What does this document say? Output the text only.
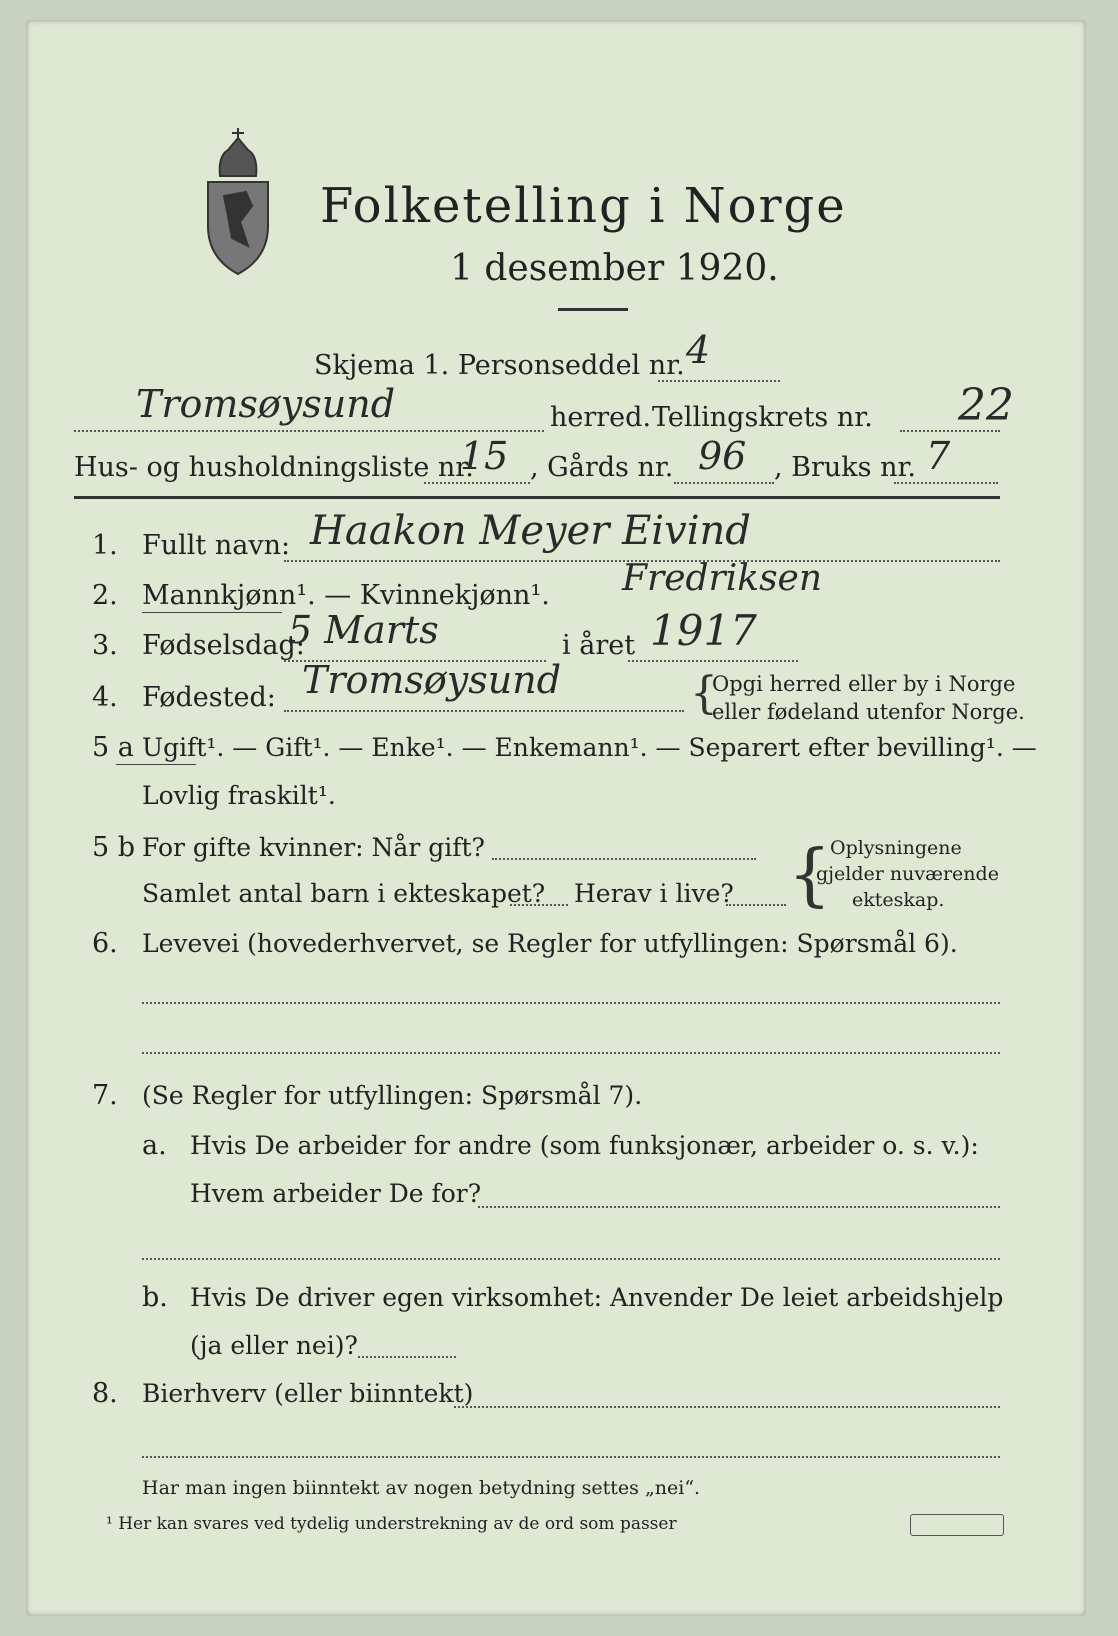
Folketelling i Norge
1 desember 1920.
Skjema 1. Personseddel nr. 4
Tromsøysund	herred. Tellingskrets nr. 22
Hus- og husholdningsliste nr.
15 , Gårds nr. 96 , Bruks nr. 7
1. Fullt navn: Haakon Meyer Eivind
Fredriksen
2. Mannkjønn¹. — Kvinnekjønn¹.
3. Fødselsdag:
5 Marts	i året 1917
4. Fødested: Tromsøysund	{
Opgi herred eller by i Norge
eller fødeland utenfor Norge.
5 a Ugift¹. — Gift¹. — Enke¹. — Enkemann¹. — Separert efter bevilling¹. —
Lovlig fraskilt¹.
5 b For gifte kvinner: Når gift?
Samlet antal barn i ekteskapet? Herav i live? {
Oplysningene
gjelder nuværende
ekteskap.
6. Levevei (hovederhvervet, se Regler for utfyllingen: Spørsmål 6).
7. (Se Regler for utfyllingen: Spørsmål 7).
a. Hvis De arbeider for andre (som funksjonær, arbeider o. s. v.):
Hvem arbeider De for?
b. Hvis De driver egen virksomhet: Anvender De leiet arbeidshjelp
(ja eller nei)?
8. Bierhverv (eller biinntekt)
Har man ingen biinntekt av nogen betydning settes „nei“.
¹ Her kan svares ved tydelig understrekning av de ord som passer
